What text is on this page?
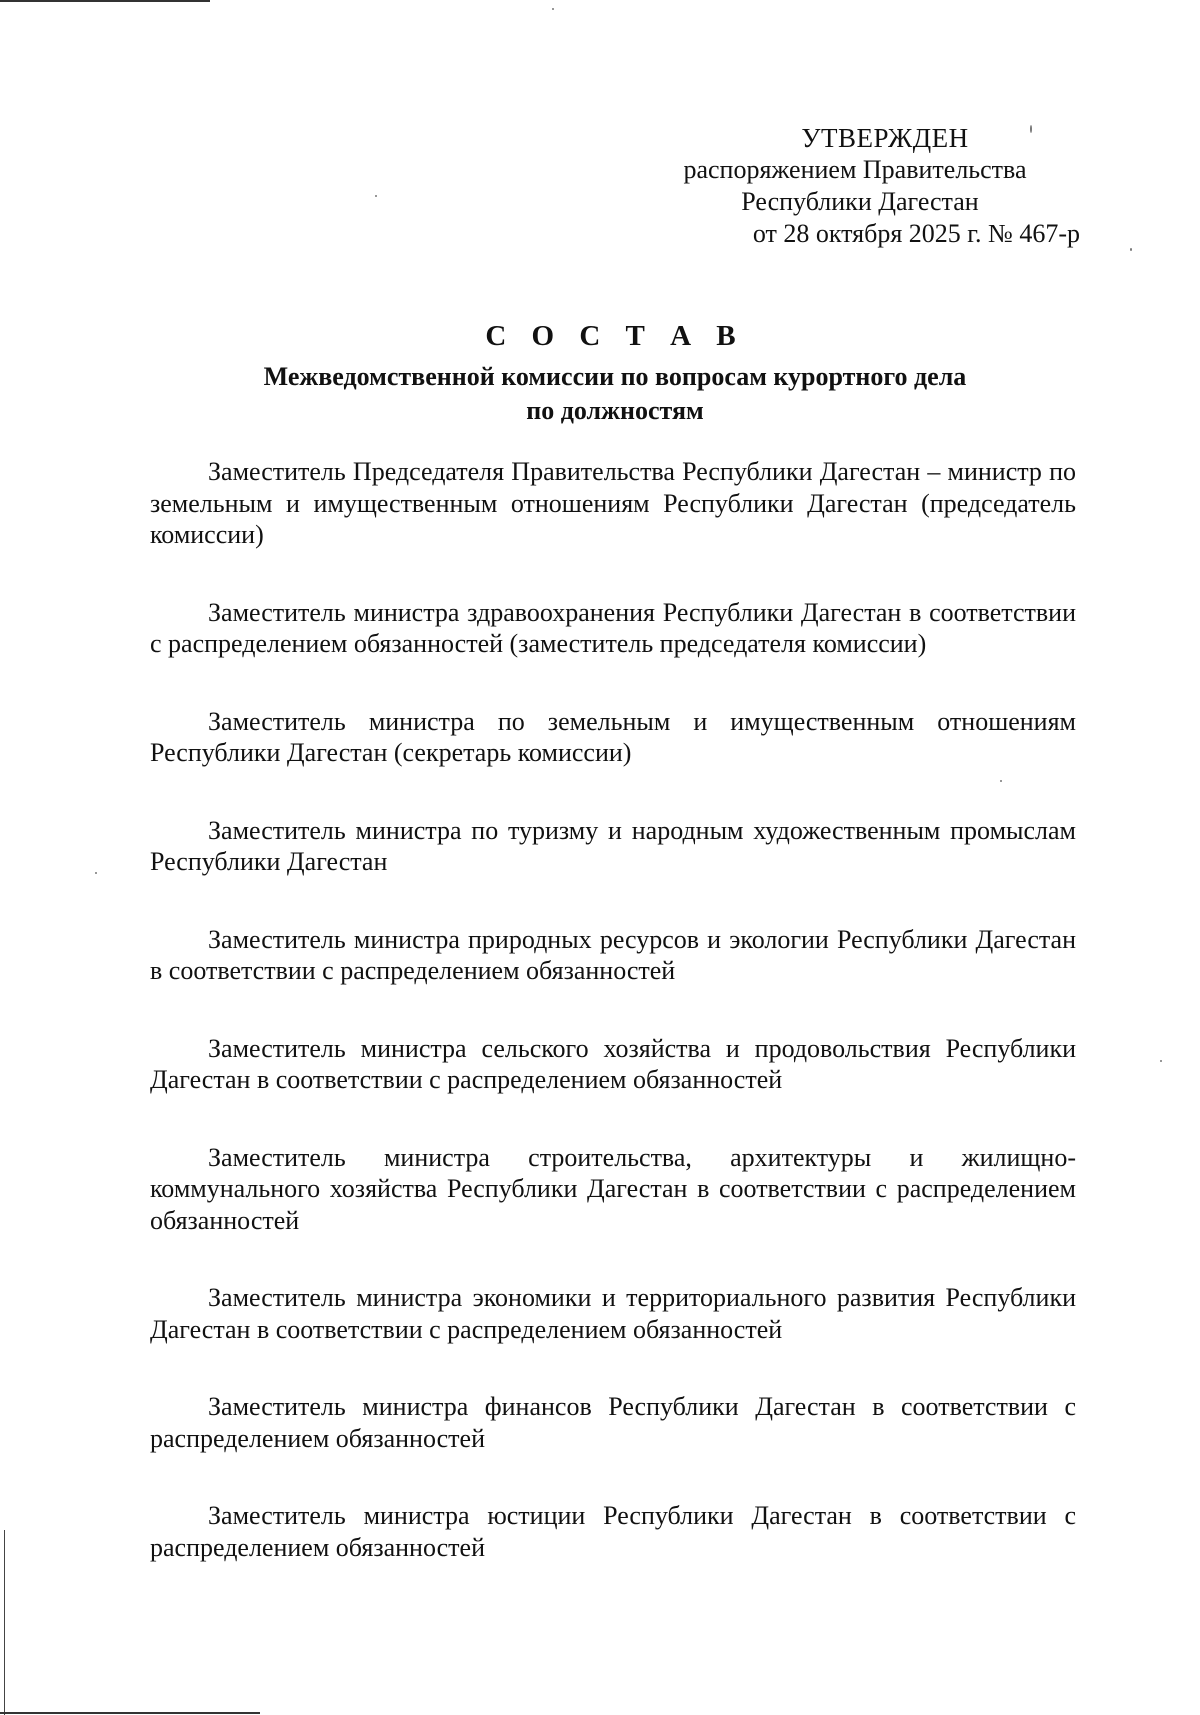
УТВЕРЖДЕН
распоряжением Правительства
Республики Дагестан
от 28 октября 2025 г. № 467-р
С О С Т А В
Межведомственной комиссии по вопросам курортного дела
по должностям

Заместитель Председателя Правительства Республики Дагестан – министр по земельным и имущественным отношениям Республики Дагестан (председатель комиссии)

Заместитель министра здравоохранения Республики Дагестан в соответствии с распределением обязанностей (заместитель председателя комиссии)

Заместитель министра по земельным и имущественным отношениям Республики Дагестан (секретарь комиссии)

Заместитель министра по туризму и народным художественным промыслам Республики Дагестан

Заместитель министра природных ресурсов и экологии Республики Дагестан в соответствии с распределением обязанностей

Заместитель министра сельского хозяйства и продовольствия Республики Дагестан в соответствии с распределением обязанностей

Заместитель министра строительства, архитектуры и жилищно-коммунального хозяйства Республики Дагестан в соответствии с распределением обязанностей

Заместитель министра экономики и территориального развития Республики Дагестан в соответствии с распределением обязанностей

Заместитель министра финансов Республики Дагестан в соответствии с распределением обязанностей

Заместитель министра юстиции Республики Дагестан в соответствии с распределением обязанностей
